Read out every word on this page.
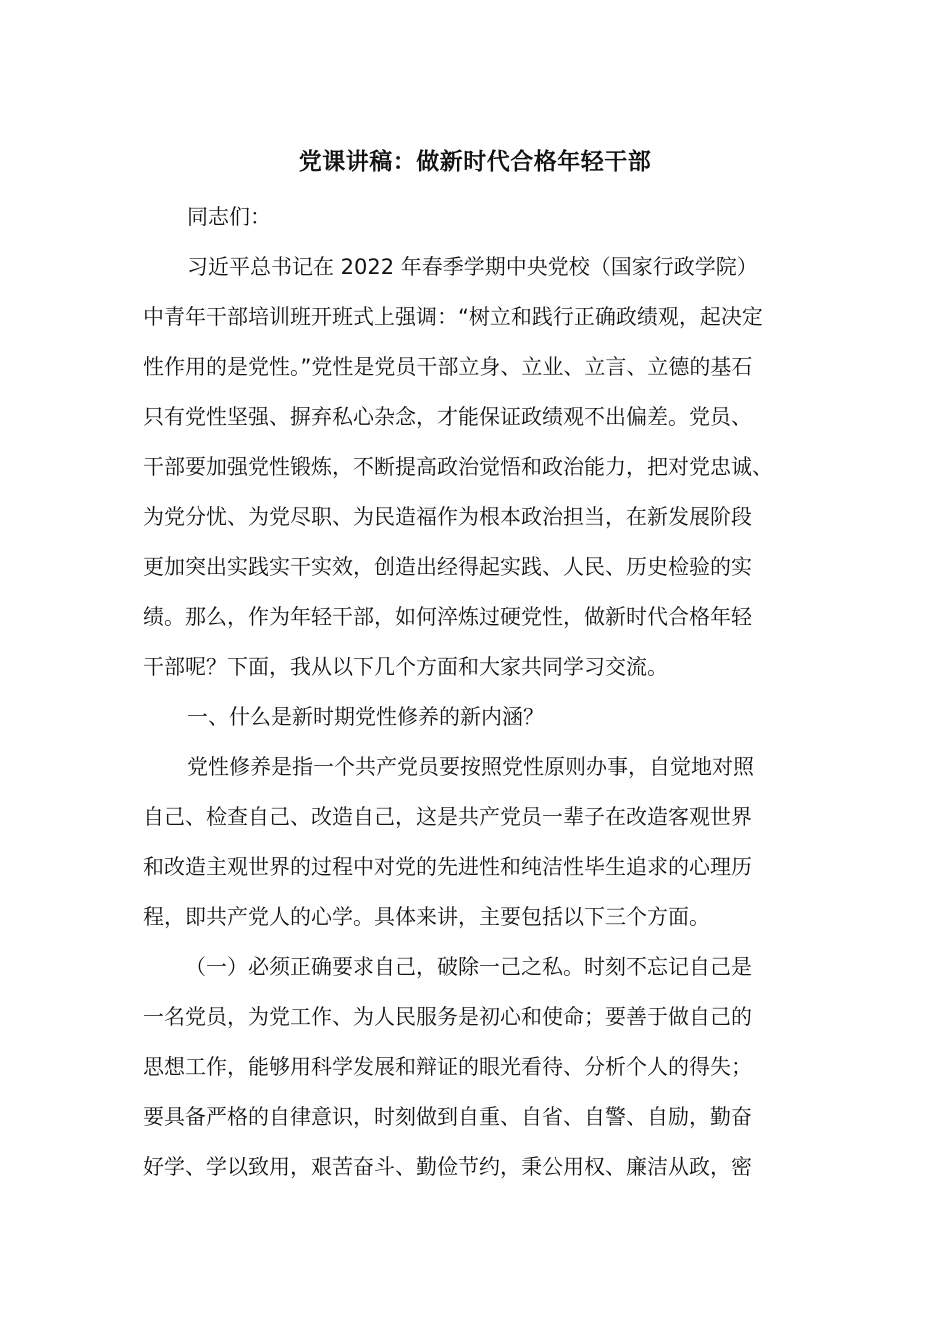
党课讲稿：做新时代合格年轻干部
同志们：
习近平总书记在 2022 年春季学期中央党校（国家行政学院）
中青年干部培训班开班式上强调：“树立和践行正确政绩观，起决定
性作用的是党性。”党性是党员干部立身、立业、立言、立德的基石
只有党性坚强、摒弃私心杂念，才能保证政绩观不出偏差。党员、
干部要加强党性锻炼，不断提高政治觉悟和政治能力，把对党忠诚、
为党分忧、为党尽职、为民造福作为根本政治担当，在新发展阶段
更加突出实践实干实效，创造出经得起实践、人民、历史检验的实
绩。那么，作为年轻干部，如何淬炼过硬党性，做新时代合格年轻
干部呢？下面，我从以下几个方面和大家共同学习交流。
一、什么是新时期党性修养的新内涵？
党性修养是指一个共产党员要按照党性原则办事，自觉地对照
自己、检查自己、改造自己，这是共产党员一辈子在改造客观世界
和改造主观世界的过程中对党的先进性和纯洁性毕生追求的心理历
程，即共产党人的心学。具体来讲，主要包括以下三个方面。
（一）必须正确要求自己，破除一己之私。时刻不忘记自己是
一名党员，为党工作、为人民服务是初心和使命；要善于做自己的
思想工作，能够用科学发展和辩证的眼光看待、分析个人的得失；
要具备严格的自律意识，时刻做到自重、自省、自警、自励，勤奋
好学、学以致用，艰苦奋斗、勤俭节约，秉公用权、廉洁从政，密
